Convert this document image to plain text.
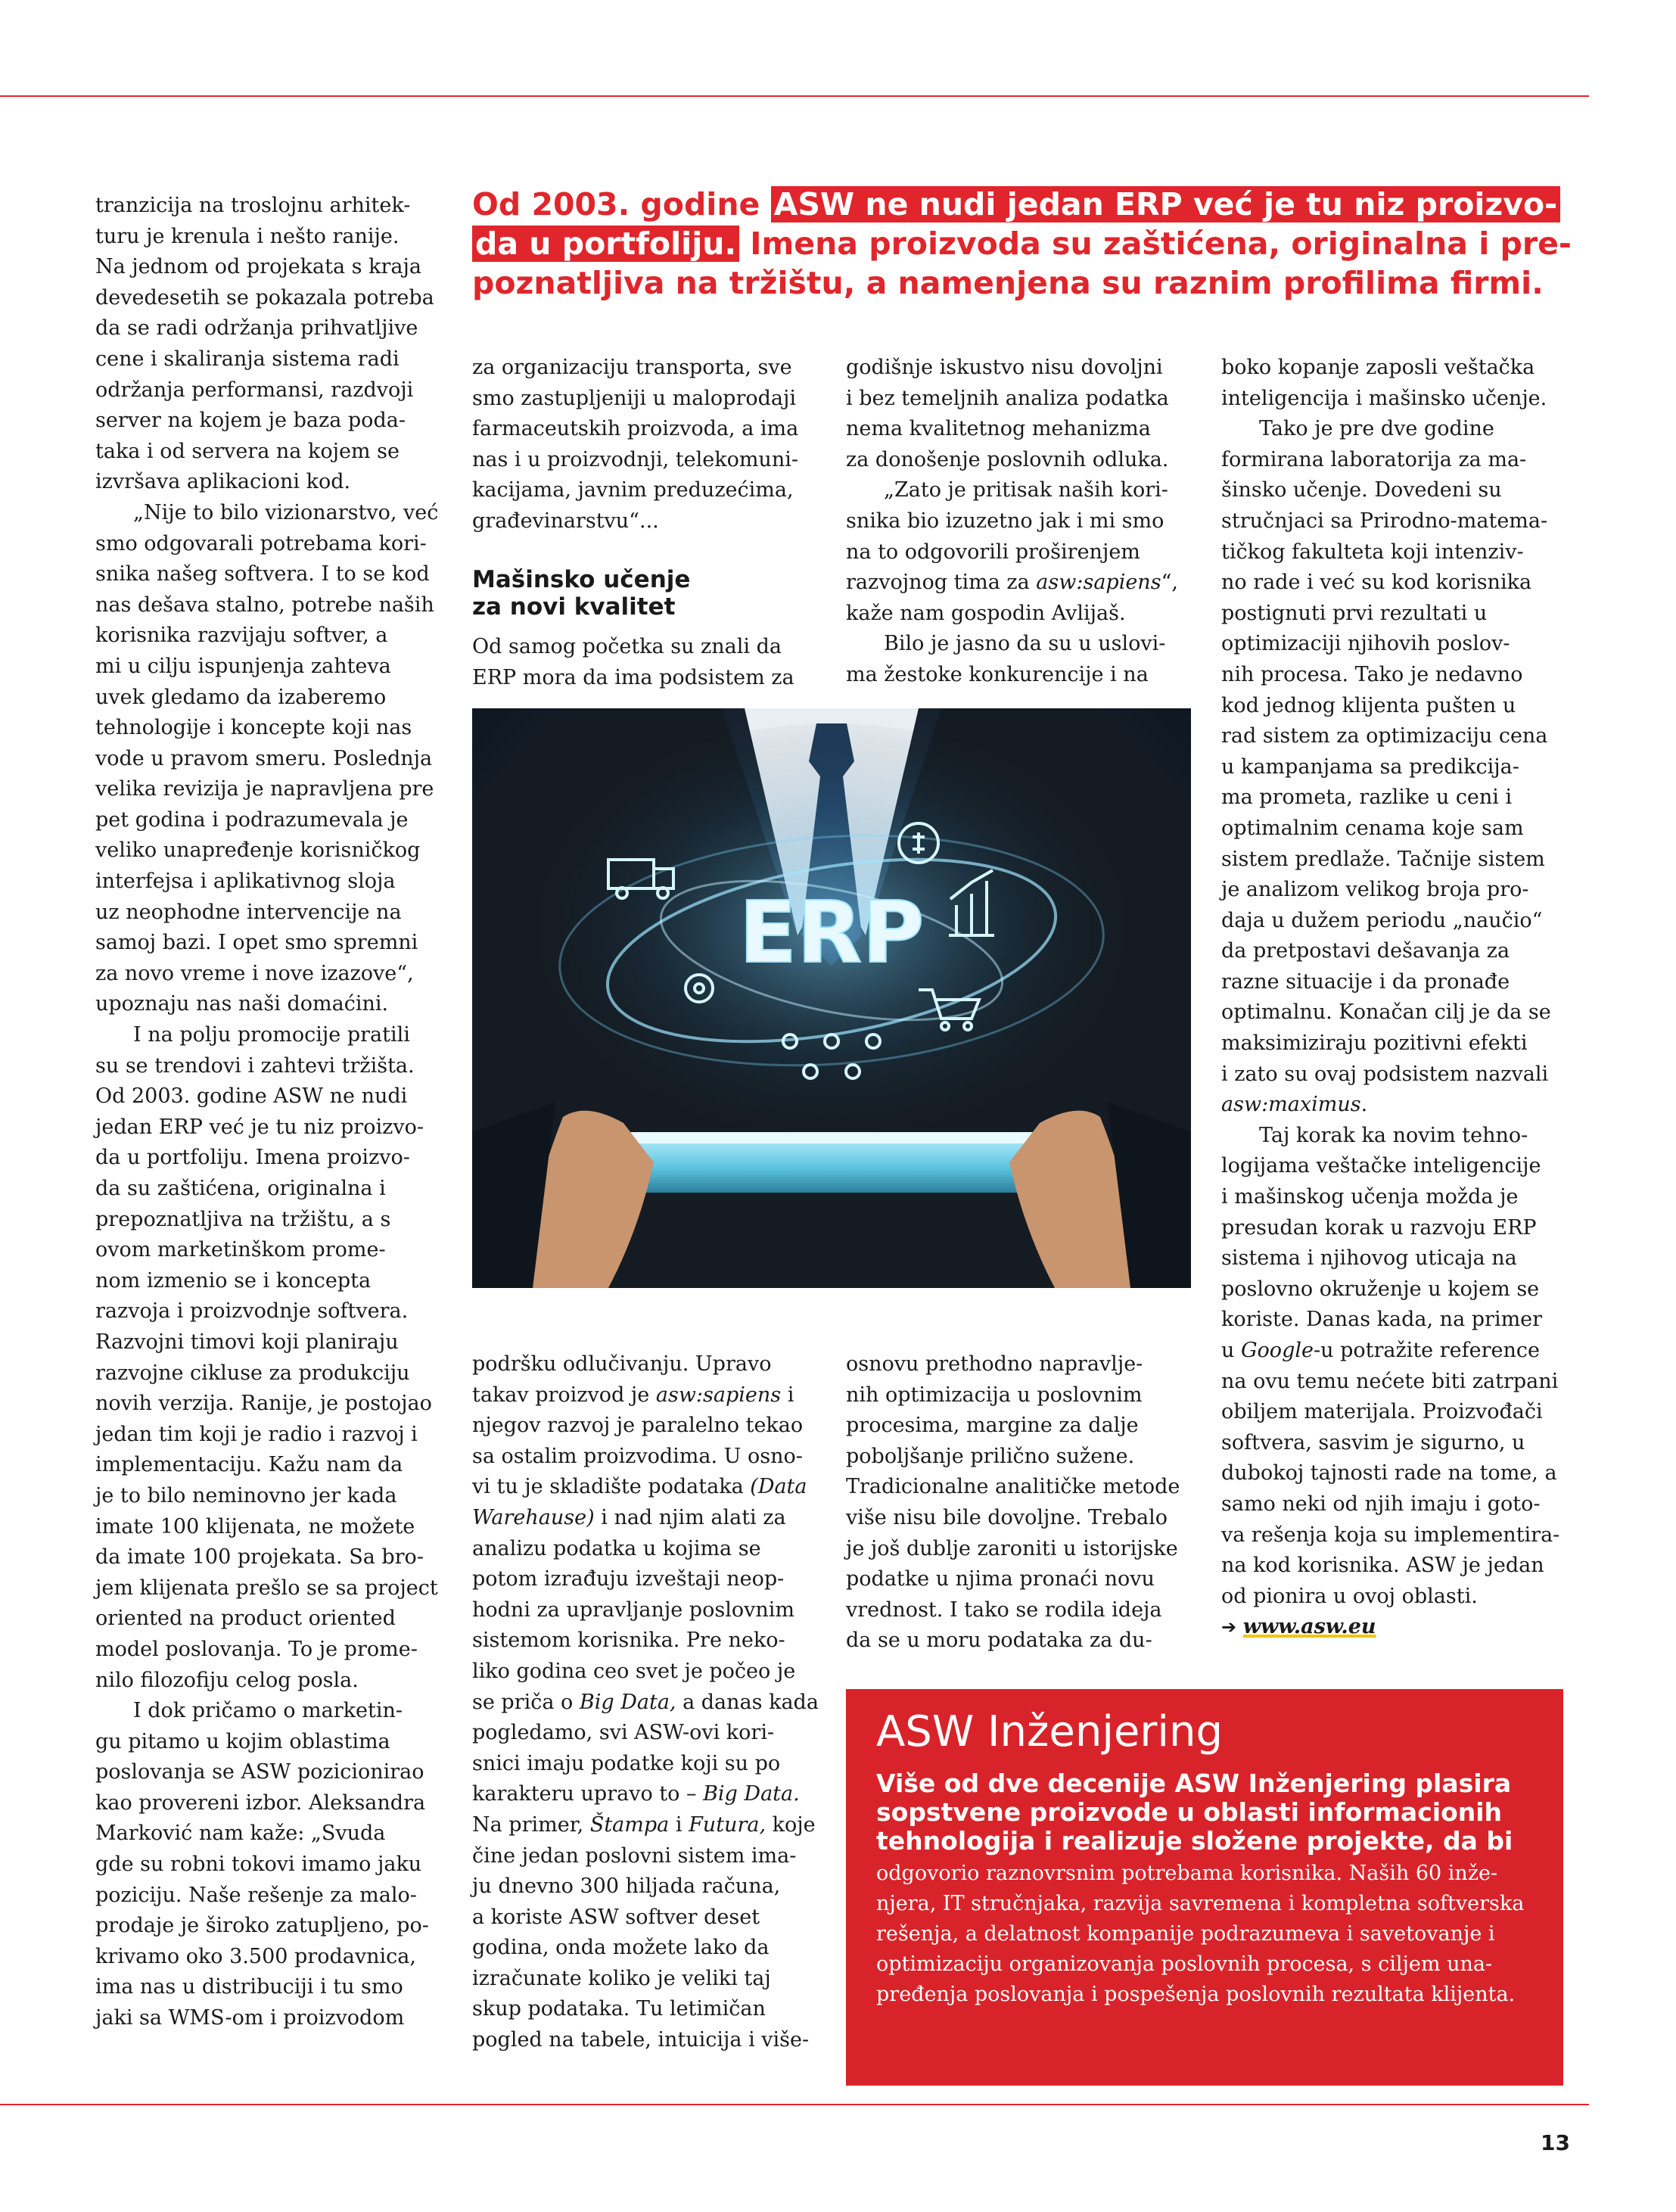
tranzicija na troslojnu arhitek-

turu je krenula i nešto ranije.

Na jednom od projekata s kraja

devedesetih se pokazala potreba

da se radi održanja prihvatljive

cene i skaliranja sistema radi

održanja performansi, razdvoji

server na kojem je baza poda-

taka i od servera na kojem se

izvršava aplikacioni kod.

„Nije to bilo vizionarstvo, već

smo odgovarali potrebama kori-

snika našeg softvera. I to se kod

nas dešava stalno, potrebe naših

korisnika razvijaju softver, a

mi u cilju ispunjenja zahteva

uvek gledamo da izaberemo

tehnologije i koncepte koji nas

vode u pravom smeru. Poslednja

velika revizija je napravljena pre

pet godina i podrazumevala je

veliko unapređenje korisničkog

interfejsa i aplikativnog sloja

uz neophodne intervencije na

samoj bazi. I opet smo spremni

za novo vreme i nove izazove“,

upoznaju nas naši domaćini.

I na polju promocije pratili

su se trendovi i zahtevi tržišta.

Od 2003. godine ASW ne nudi

jedan ERP već je tu niz proizvo-

da u portfoliju. Imena proizvo-

da su zaštićena, originalna i

prepoznatljiva na tržištu, a s

ovom marketinškom prome-

nom izmenio se i koncepta

razvoja i proizvodnje softvera.

Razvojni timovi koji planiraju

razvojne cikluse za produkciju

novih verzija. Ranije, je postojao

jedan tim koji je radio i razvoj i

implementaciju. Kažu nam da

je to bilo neminovno jer kada

imate 100 klijenata, ne možete

da imate 100 projekata. Sa bro-

jem klijenata prešlo se sa project

oriented na product oriented

model poslovanja. To je prome-

nilo filozofiju celog posla.

I dok pričamo o marketin-

gu pitamo u kojim oblastima

poslovanja se ASW pozicionirao

kao provereni izbor. Aleksandra

Marković nam kaže: „Svuda

gde su robni tokovi imamo jaku

poziciju. Naše rešenje za malo-

prodaje je široko zatupljeno, po-

krivamo oko 3.500 prodavnica,

ima nas u distribuciji i tu smo

jaki sa WMS-om i proizvodom

Od 2003. godine ASW ne nudi jedan ERP već je tu niz proizvo-
da u portfoliju. Imena proizvoda su zaštićena, originalna i pre-
poznatljiva na tržištu, a namenjena su raznim profilima firmi.

za organizaciju transporta, sve

smo zastupljeniji u maloprodaji

farmaceutskih proizvoda, a ima

nas i u proizvodnji, telekomuni-

kacijama, javnim preduzećima,

građevinarstvu“...

Mašinsko učenje
za novi kvalitet

Od samog početka su znali da

ERP mora da ima podsistem za

godišnje iskustvo nisu dovoljni

i bez temeljnih analiza podatka

nema kvalitetnog mehanizma

za donošenje poslovnih odluka.

„Zato je pritisak naših kori-

snika bio izuzetno jak i mi smo

na to odgovorili proširenjem

razvojnog tima za asw:sapiens“,

kaže nam gospodin Avlijaš.

Bilo je jasno da su u uslovi-

ma žestoke konkurencije i na

ERP

podršku odlučivanju. Upravo

takav proizvod je asw:sapiens i

njegov razvoj je paralelno tekao

sa ostalim proizvodima. U osno-

vi tu je skladište podataka (Data

Warehause) i nad njim alati za

analizu podatka u kojima se

potom izrađuju izveštaji neop-

hodni za upravljanje poslovnim

sistemom korisnika. Pre neko-

liko godina ceo svet je počeo je

se priča o Big Data, a danas kada

pogledamo, svi ASW-ovi kori-

snici imaju podatke koji su po

karakteru upravo to – Big Data.

Na primer, Štampa i Futura, koje

čine jedan poslovni sistem ima-

ju dnevno 300 hiljada računa,

a koriste ASW softver deset

godina, onda možete lako da

izračunate koliko je veliki taj

skup podataka. Tu letimičan

pogled na tabele, intuicija i više-

osnovu prethodno napravlje-

nih optimizacija u poslovnim

procesima, margine za dalje

poboljšanje prilično sužene.

Tradicionalne analitičke metode

više nisu bile dovoljne. Trebalo

je još dublje zaroniti u istorijske

podatke u njima pronaći novu

vrednost. I tako se rodila ideja

da se u moru podataka za du-

boko kopanje zaposli veštačka

inteligencija i mašinsko učenje.

Tako je pre dve godine

formirana laboratorija za ma-

šinsko učenje. Dovedeni su

stručnjaci sa Prirodno-matema-

tičkog fakulteta koji intenziv-

no rade i već su kod korisnika

postignuti prvi rezultati u

optimizaciji njihovih poslov-

nih procesa. Tako je nedavno

kod jednog klijenta pušten u

rad sistem za optimizaciju cena

u kampanjama sa predikcija-

ma prometa, razlike u ceni i

optimalnim cenama koje sam

sistem predlaže. Tačnije sistem

je analizom velikog broja pro-

daja u dužem periodu „naučio“

da pretpostavi dešavanja za

razne situacije i da pronađe

optimalnu. Konačan cilj je da se

maksimiziraju pozitivni efekti

i zato su ovaj podsistem nazvali

asw:maximus.

Taj korak ka novim tehno-

logijama veštačke inteligencije

i mašinskog učenja možda je

presudan korak u razvoju ERP

sistema i njihovog uticaja na

poslovno okruženje u kojem se

koriste. Danas kada, na primer

u Google-u potražite reference

na ovu temu nećete biti zatrpani

obiljem materijala. Proizvođači

softvera, sasvim je sigurno, u

dubokoj tajnosti rade na tome, a

samo neki od njih imaju i goto-

va rešenja koja su implementira-

na kod korisnika. ASW je jedan

od pionira u ovoj oblasti.

➔ www.asw.eu

ASW Inženjering
Više od dve decenije ASW Inženjering plasira
sopstvene proizvode u oblasti informacionih
tehnologija i realizuje složene projekte, da bi
odgovorio raznovrsnim potrebama korisnika. Naših 60 inže-
njera, IT stručnjaka, razvija savremena i kompletna softverska
rešenja, a delatnost kompanije podrazumeva i savetovanje i
optimizaciju organizovanja poslovnih procesa, s ciljem una-
pređenja poslovanja i pospešenja poslovnih rezultata klijenta.
13
